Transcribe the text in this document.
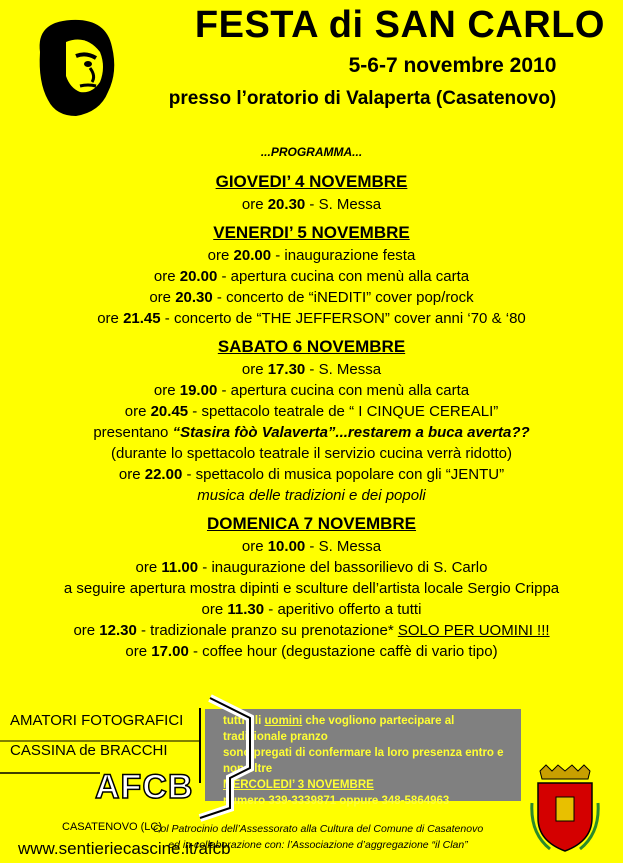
FESTA di SAN CARLO
5-6-7 novembre 2010
presso l’oratorio di Valaperta (Casatenovo)
...PROGRAMMA...
GIOVEDI’ 4 NOVEMBRE
ore 20.30 - S. Messa
VENERDI’ 5 NOVEMBRE
ore 20.00 - inaugurazione festa
ore 20.00 - apertura cucina con menù alla carta
ore 20.30 - concerto de “iNEDITI” cover pop/rock
ore 21.45 - concerto de “THE JEFFERSON” cover anni ‘70 & ‘80
SABATO 6 NOVEMBRE
ore 17.30 - S. Messa
ore 19.00 - apertura cucina con menù alla carta
ore 20.45 - spettacolo teatrale de “ I CINQUE CEREALI”
presentano “Stasira fòò Valaverta”...restarem a buca averta??
(durante lo spettacolo teatrale il servizio cucina verrà ridotto)
ore 22.00 - spettacolo di musica popolare con gli “JENTU”
musica delle tradizioni e dei popoli
DOMENICA 7 NOVEMBRE
ore 10.00 - S. Messa
ore 11.00 - inaugurazione del bassorilievo di S. Carlo
a seguire apertura mostra dipinti e sculture dell’artista locale Sergio Crippa
ore 11.30 - aperitivo offerto a tutti
ore 12.30 - tradizionale pranzo su prenotazione* SOLO PER UOMINI !!!
ore 17.00 - coffee hour (degustazione caffè di vario tipo)
tutti gli uomini che vogliono partecipare al tradizionale pranzo
sono pregati di confermare la loro presenza entro e non oltre
MERCOLEDI’ 3 NOVEMBRE
numero 339-3339871 oppure 348-5864963
AMATORI FOTOGRAFICI
CASSINA de BRACCHI
AFCB
CASATENOVO (LC)
www.sentieriecascine.it/afcb
Col Patrocinio dell’Assessorato alla Cultura del Comune di Casatenovo
ed in collaborazione con: l’Associazione d’aggregazione “il Clan”
